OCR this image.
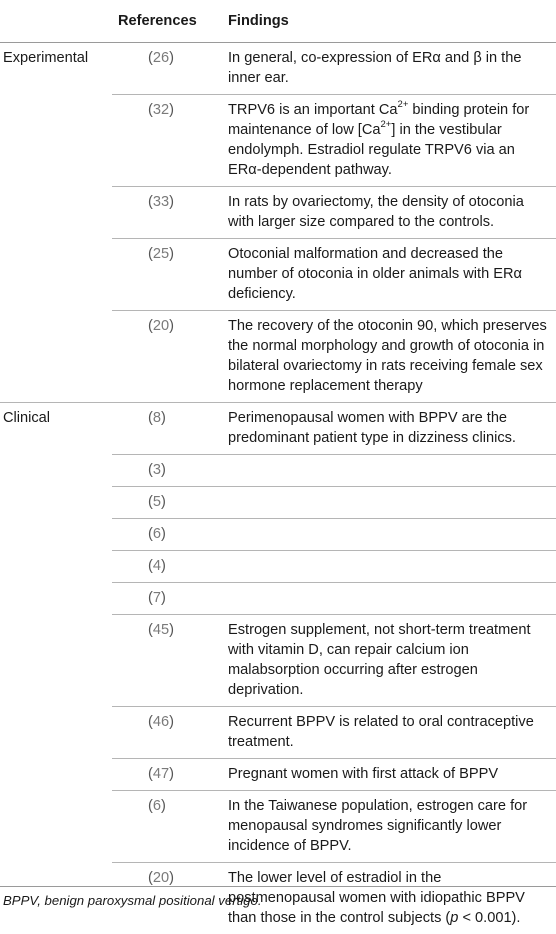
	References	Findings
Experimental	(26)	In general, co-expression of ERα and β in the inner ear.
	(32)	TRPV6 is an important $Ca^{2+}$ binding protein for maintenance of low $[Ca^{2+}]$ in the vestibular endolymph. Estradiol regulate TRPV6 via an ERα-dependent pathway.
	(33)	In rats by ovariectomy, the density of otoconia with larger size compared to the controls.
	(25)	Otoconial malformation and decreased the number of otoconia in older animals with ERα deficiency.
	(20)	The recovery of the otoconin 90, which preserves the normal morphology and growth of otoconia in bilateral ovariectomy in rats receiving female sex hormone replacement therapy
Clinical	(8)	Perimenopausal women with BPPV are the predominant patient type in dizziness clinics.
	(3)	
	(5)	
	(6)	
	(4)	
	(7)	
	(45)	Estrogen supplement, not short-term treatment with vitamin D, can repair calcium ion malabsorption occurring after estrogen deprivation.
	(46)	Recurrent BPPV is related to oral contraceptive treatment.
	(47)	Pregnant women with first attack of BPPV
	(6)	In the Taiwanese population, estrogen care for menopausal syndromes significantly lower incidence of BPPV.
	(20)	The lower level of estradiol in the postmenopausal women with idiopathic BPPV than those in the control subjects (p < 0.001).
BPPV, benign paroxysmal positional vertigo.
